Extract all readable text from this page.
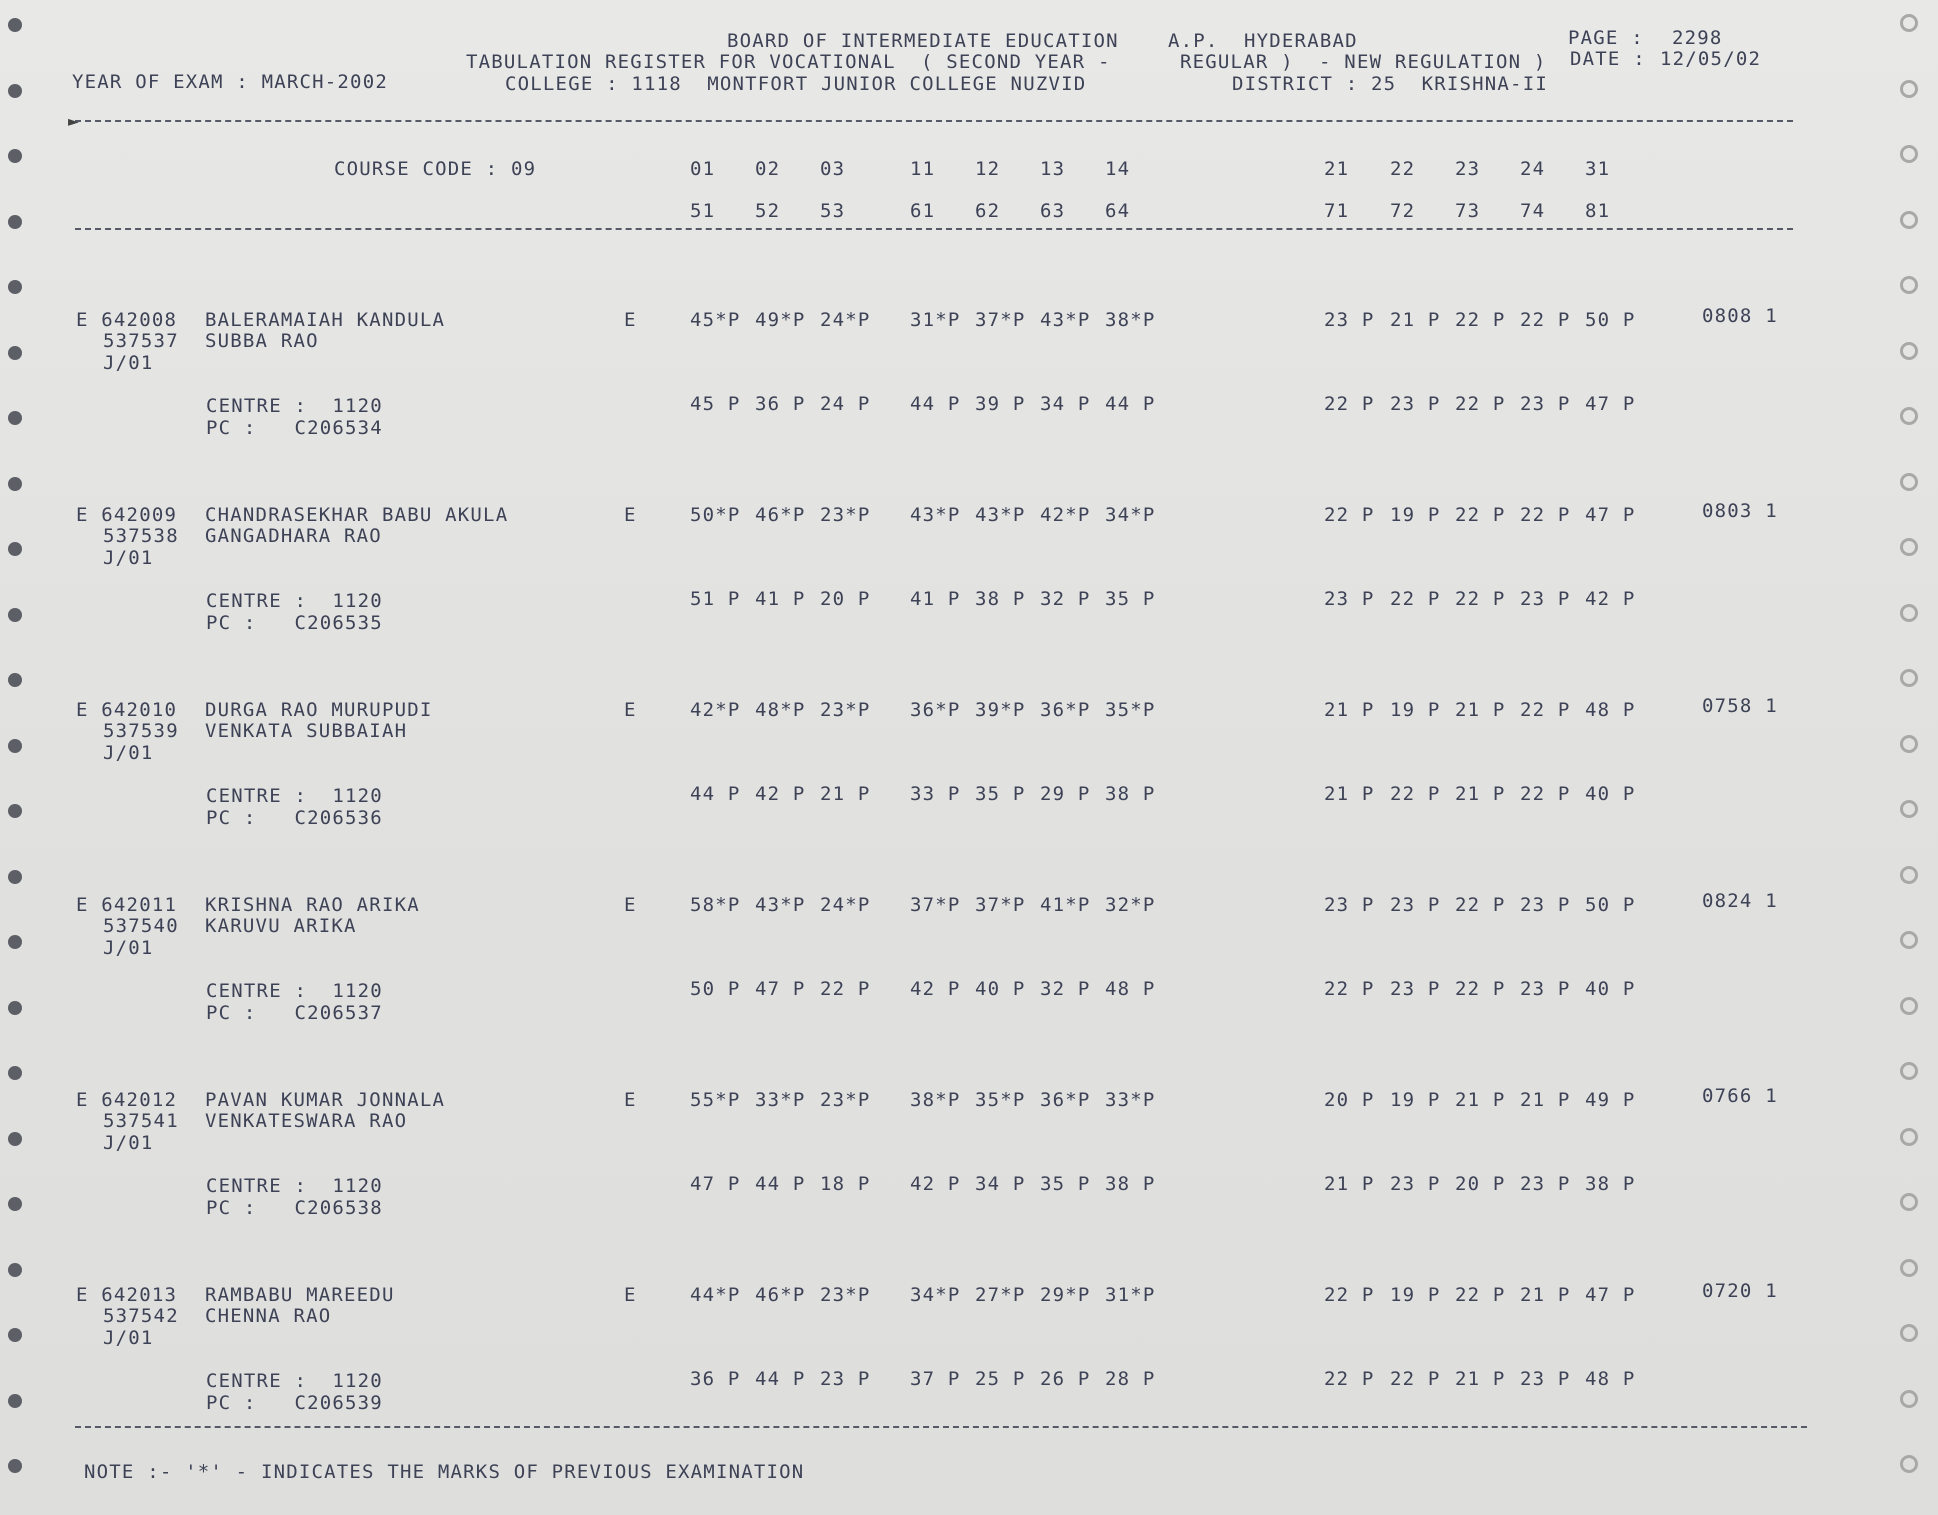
BOARD OF INTERMEDIATE EDUCATION	A.P. HYDERABAD	PAGE : 2298
TABULATION REGISTER FOR VOCATIONAL  ( SECOND YEAR -	REGULAR )  - NEW REGULATION ) DATE : 12/05/02
YEAR OF EXAM : MARCH-2002	COLLEGE : 1118  MONTFORT JUNIOR COLLEGE NUZVID	DISTRICT : 25  KRISHNA-II
►
COURSE CODE : 09	01 02 03	11 12 13 14	21 22 23 24 31
51 52 53	61 62 63 64	71 72 73 74 81
E 642008 BALERAMAIAH KANDULA	E	45*P 49*P 24*P 31*P 37*P 43*P 38*P	23 P 21 P 22 P 22 P 50 P	0808 1
537537 SUBBA RAO
J/01
CENTRE :  1120
PC :   C206534
45 P 36 P 24 P 44 P 39 P 34 P 44 P	22 P 23 P 22 P 23 P 47 P
E 642009 CHANDRASEKHAR BABU AKULA	E	50*P 46*P 23*P 43*P 43*P 42*P 34*P	22 P 19 P 22 P 22 P 47 P	0803 1
537538 GANGADHARA RAO
J/01
CENTRE :  1120
PC :   C206535
51 P 41 P 20 P 41 P 38 P 32 P 35 P	23 P 22 P 22 P 23 P 42 P
E 642010 DURGA RAO MURUPUDI	E	42*P 48*P 23*P 36*P 39*P 36*P 35*P	21 P 19 P 21 P 22 P 48 P	0758 1
537539 VENKATA SUBBAIAH
J/01
CENTRE :  1120
PC :   C206536
44 P 42 P 21 P 33 P 35 P 29 P 38 P	21 P 22 P 21 P 22 P 40 P
E 642011 KRISHNA RAO ARIKA	E	58*P 43*P 24*P 37*P 37*P 41*P 32*P	23 P 23 P 22 P 23 P 50 P	0824 1
537540 KARUVU ARIKA
J/01
CENTRE :  1120
PC :   C206537
50 P 47 P 22 P 42 P 40 P 32 P 48 P	22 P 23 P 22 P 23 P 40 P
E 642012 PAVAN KUMAR JONNALA	E	55*P 33*P 23*P 38*P 35*P 36*P 33*P	20 P 19 P 21 P 21 P 49 P	0766 1
537541 VENKATESWARA RAO
J/01
CENTRE :  1120
PC :   C206538
47 P 44 P 18 P 42 P 34 P 35 P 38 P	21 P 23 P 20 P 23 P 38 P
E 642013 RAMBABU MAREEDU	E	44*P 46*P 23*P 34*P 27*P 29*P 31*P	22 P 19 P 22 P 21 P 47 P	0720 1
537542 CHENNA RAO
J/01
CENTRE :  1120
PC :   C206539
36 P 44 P 23 P 37 P 25 P 26 P 28 P	22 P 22 P 21 P 23 P 48 P
NOTE :- '*' - INDICATES THE MARKS OF PREVIOUS EXAMINATION
